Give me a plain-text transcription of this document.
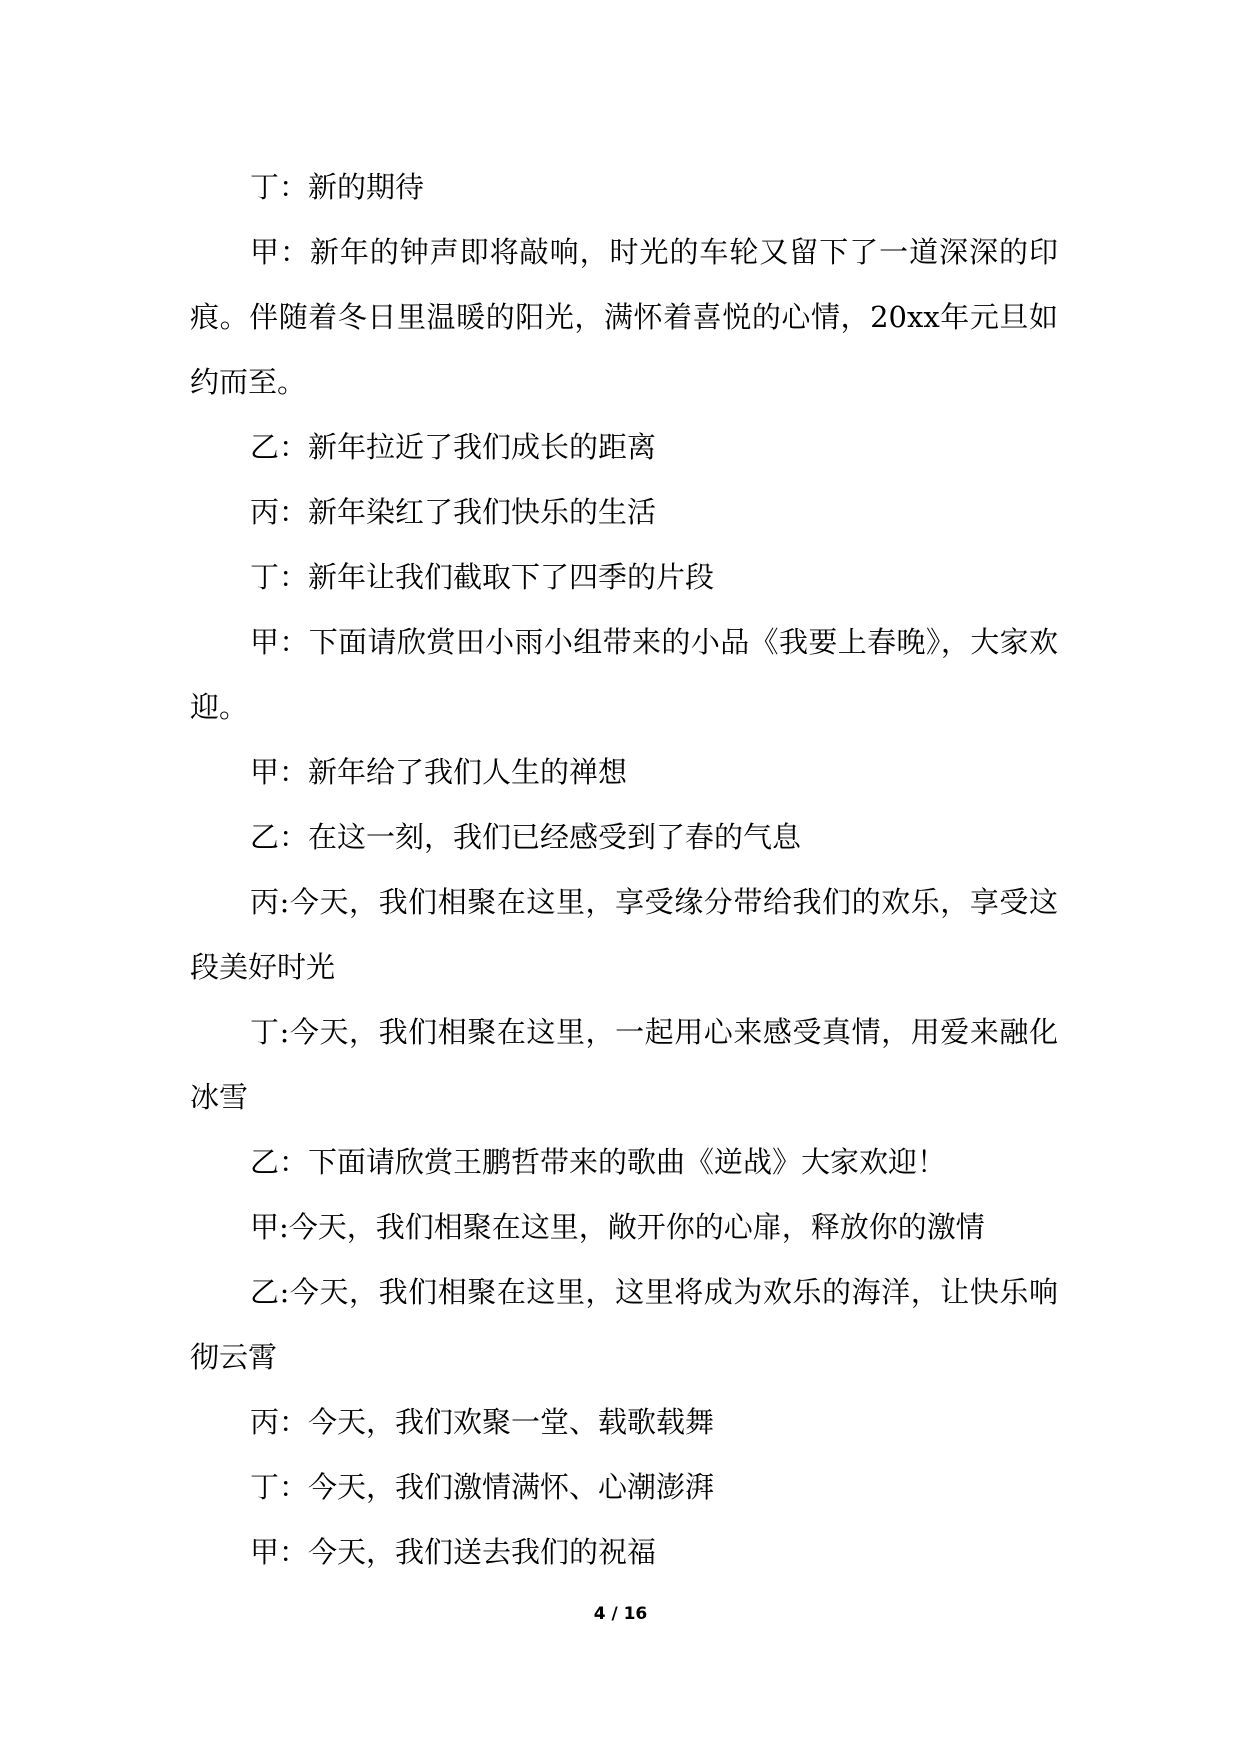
丁：新的期待

甲：新年的钟声即将敲响，时光的车轮又留下了一道深深的印痕。伴随着冬日里温暖的阳光，满怀着喜悦的心情，20xx年元旦如约而至。

乙：新年拉近了我们成长的距离

丙：新年染红了我们快乐的生活

丁：新年让我们截取下了四季的片段

甲：下面请欣赏田小雨小组带来的小品《我要上春晚》，大家欢迎。

甲：新年给了我们人生的禅想

乙：在这一刻，我们已经感受到了春的气息

丙:今天，我们相聚在这里，享受缘分带给我们的欢乐，享受这段美好时光

丁:今天，我们相聚在这里，一起用心来感受真情，用爱来融化冰雪

乙：下面请欣赏王鹏哲带来的歌曲《逆战》大家欢迎！

甲:今天，我们相聚在这里，敞开你的心扉，释放你的激情

乙:今天，我们相聚在这里，这里将成为欢乐的海洋，让快乐响彻云霄

丙：今天，我们欢聚一堂、载歌载舞

丁：今天，我们激情满怀、心潮澎湃

甲：今天，我们送去我们的祝福

4 / 16
